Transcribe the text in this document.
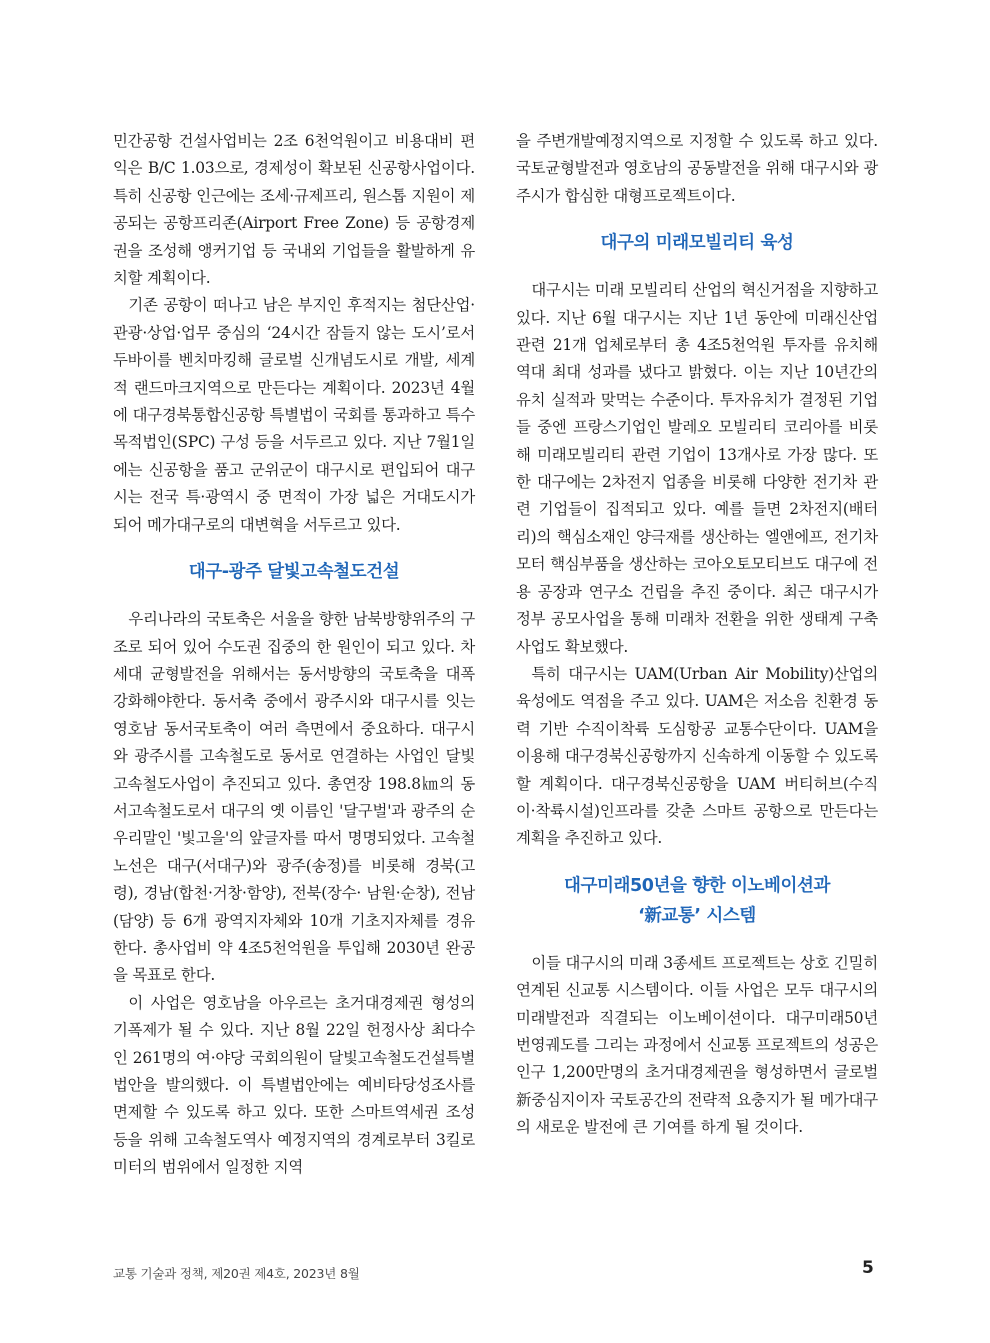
민간공항 건설사업비는 2조 6천억원이고 비용대비 편익은 B/C 1.03으로, 경제성이 확보된 신공항사업이다. 특히 신공항 인근에는 조세·규제프리, 원스톱 지원이 제공되는 공항프리존(Airport Free Zone) 등 공항경제권을 조성해 앵커기업 등 국내외 기업들을 활발하게 유치할 계획이다.

기존 공항이 떠나고 남은 부지인 후적지는 첨단산업·관광·상업·업무 중심의 ‘24시간 잠들지 않는 도시’로서 두바이를 벤치마킹해 글로벌 신개념도시로 개발, 세계적 랜드마크지역으로 만든다는 계획이다. 2023년 4월에 대구경북통합신공항 특별법이 국회를 통과하고 특수목적법인(SPC) 구성 등을 서두르고 있다. 지난 7월1일에는 신공항을 품고 군위군이 대구시로 편입되어 대구시는 전국 특·광역시 중 면적이 가장 넓은 거대도시가 되어 메가대구로의 대변혁을 서두르고 있다.

대구-광주 달빛고속철도건설

우리나라의 국토축은 서울을 향한 남북방향위주의 구조로 되어 있어 수도권 집중의 한 원인이 되고 있다. 차세대 균형발전을 위해서는 동서방향의 국토축을 대폭 강화해야한다. 동서축 중에서 광주시와 대구시를 잇는 영호남 동서국토축이 여러 측면에서 중요하다. 대구시와 광주시를 고속철도로 동서로 연결하는 사업인 달빛고속철도사업이 추진되고 있다. 총연장 198.8㎞의 동서고속철도로서 대구의 옛 이름인 '달구벌'과 광주의 순우리말인 '빛고을'의 앞글자를 따서 명명되었다. 고속철 노선은 대구(서대구)와 광주(송정)를 비롯해 경북(고령), 경남(합천·거창·함양), 전북(장수· 남원·순창), 전남(담양) 등 6개 광역지자체와 10개 기초지자체를 경유 한다. 총사업비 약 4조5천억원을 투입해 2030년 완공을 목표로 한다.

이 사업은 영호남을 아우르는 초거대경제권 형성의 기폭제가 될 수 있다. 지난 8월 22일 헌정사상 최다수인 261명의 여·야당 국회의원이 달빛고속철도건설특별법안을 발의했다. 이 특별법안에는 예비타당성조사를 면제할 수 있도록 하고 있다. 또한 스마트역세권 조성 등을 위해 고속철도역사 예정지역의 경계로부터 3킬로미터의 범위에서 일정한 지역

을 주변개발예정지역으로 지정할 수 있도록 하고 있다. 국토균형발전과 영호남의 공동발전을 위해 대구시와 광주시가 합심한 대형프로젝트이다.

대구의 미래모빌리티 육성

대구시는 미래 모빌리티 산업의 혁신거점을 지향하고 있다. 지난 6월 대구시는 지난 1년 동안에 미래신산업관련 21개 업체로부터 총 4조5천억원 투자를 유치해 역대 최대 성과를 냈다고 밝혔다. 이는 지난 10년간의 유치 실적과 맞먹는 수준이다. 투자유치가 결정된 기업들 중엔 프랑스기업인 발레오 모빌리티 코리아를 비롯해 미래모빌리티 관련 기업이 13개사로 가장 많다. 또한 대구에는 2차전지 업종을 비롯해 다양한 전기차 관련 기업들이 집적되고 있다. 예를 들면 2차전지(배터리)의 핵심소재인 양극재를 생산하는 엘앤에프, 전기차 모터 핵심부품을 생산하는 코아오토모티브도 대구에 전용 공장과 연구소 건립을 추진 중이다. 최근 대구시가 정부 공모사업을 통해 미래차 전환을 위한 생태계 구축 사업도 확보했다.

특히 대구시는 UAM(Urban Air Mobility)산업의 육성에도 역점을 주고 있다. UAM은 저소음 친환경 동력 기반 수직이착륙 도심항공 교통수단이다. UAM을 이용해 대구경북신공항까지 신속하게 이동할 수 있도록 할 계획이다. 대구경북신공항을 UAM 버티허브(수직 이·착륙시설)인프라를 갖춘 스마트 공항으로 만든다는 계획을 추진하고 있다.

대구미래50년을 향한 이노베이션과
‘新교통’ 시스템

이들 대구시의 미래 3종세트 프로젝트는 상호 긴밀히 연계된 신교통 시스템이다. 이들 사업은 모두 대구시의 미래발전과 직결되는 이노베이션이다. 대구미래50년 번영궤도를 그리는 과정에서 신교통 프로젝트의 성공은 인구 1,200만명의 초거대경제권을 형성하면서 글로벌 新중심지이자 국토공간의 전략적 요충지가 될 메가대구의 새로운 발전에 큰 기여를 하게 될 것이다.

교통 기술과 정책, 제20권 제4호, 2023년 8월	5
